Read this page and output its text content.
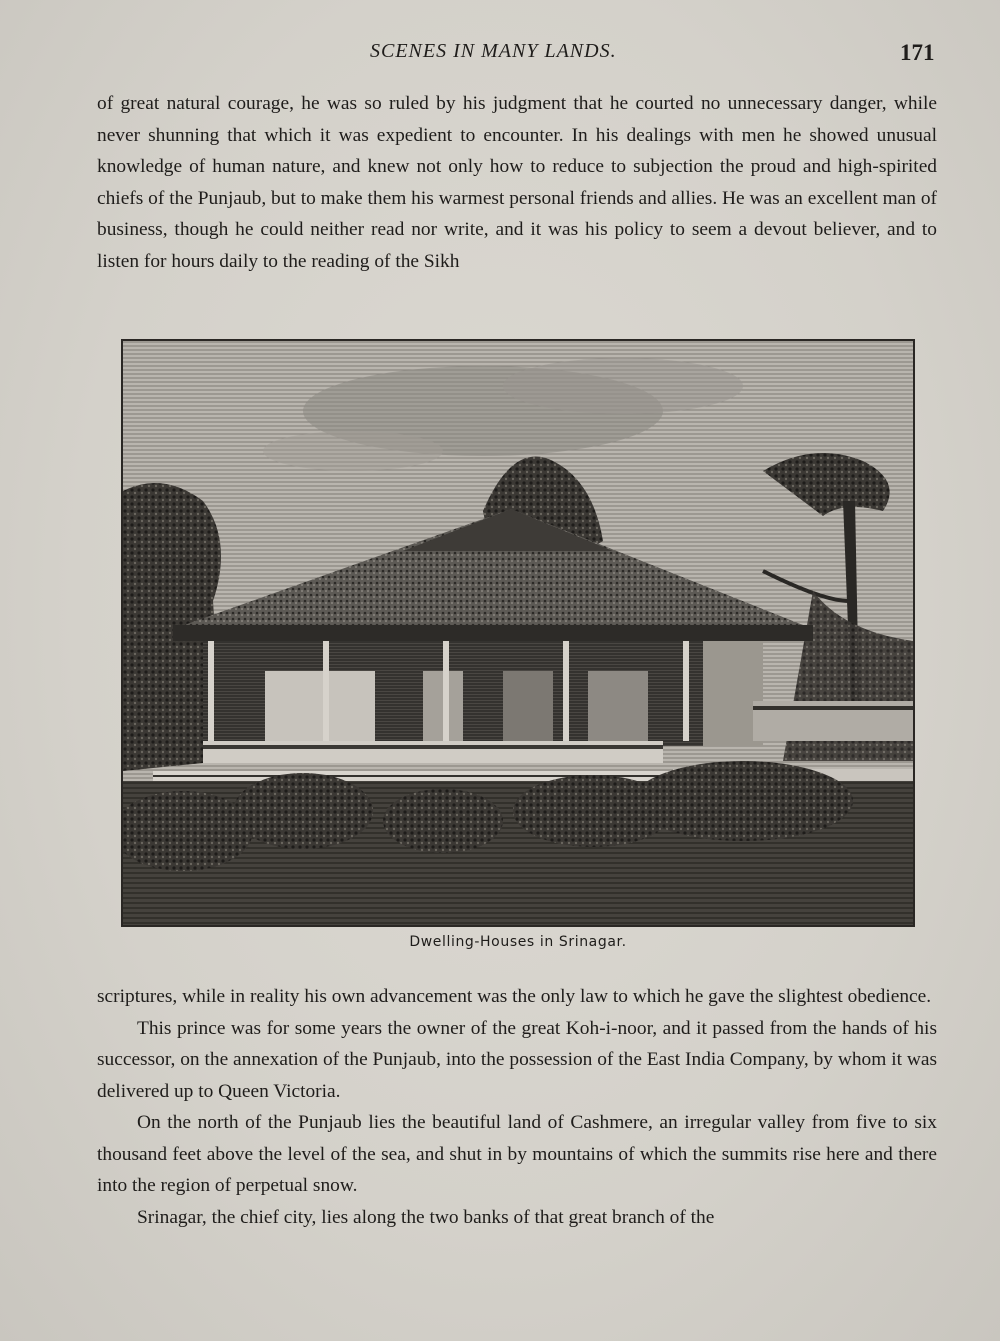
SCENES IN MANY LANDS.	171

of great natural courage, he was so ruled by his judgment that he courted no unnecessary danger, while never shunning that which it was expedient to encounter. In his dealings with men he showed unusual knowledge of human nature, and knew not only how to reduce to subjection the proud and high-spirited chiefs of the Punjaub, but to make them his warmest personal friends and allies. He was an excellent man of business, though he could neither read nor write, and it was his policy to seem a devout believer, and to listen for hours daily to the reading of the Sikh

Dwelling-Houses in Srinagar.

scriptures, while in reality his own advancement was the only law to which he gave the slightest obedience.

This prince was for some years the owner of the great Koh-i-noor, and it passed from the hands of his successor, on the annexation of the Punjaub, into the possession of the East India Company, by whom it was delivered up to Queen Victoria.

On the north of the Punjaub lies the beautiful land of Cashmere, an irregular valley from five to six thousand feet above the level of the sea, and shut in by mountains of which the summits rise here and there into the region of perpetual snow.

Srinagar, the chief city, lies along the two banks of that great branch of the
